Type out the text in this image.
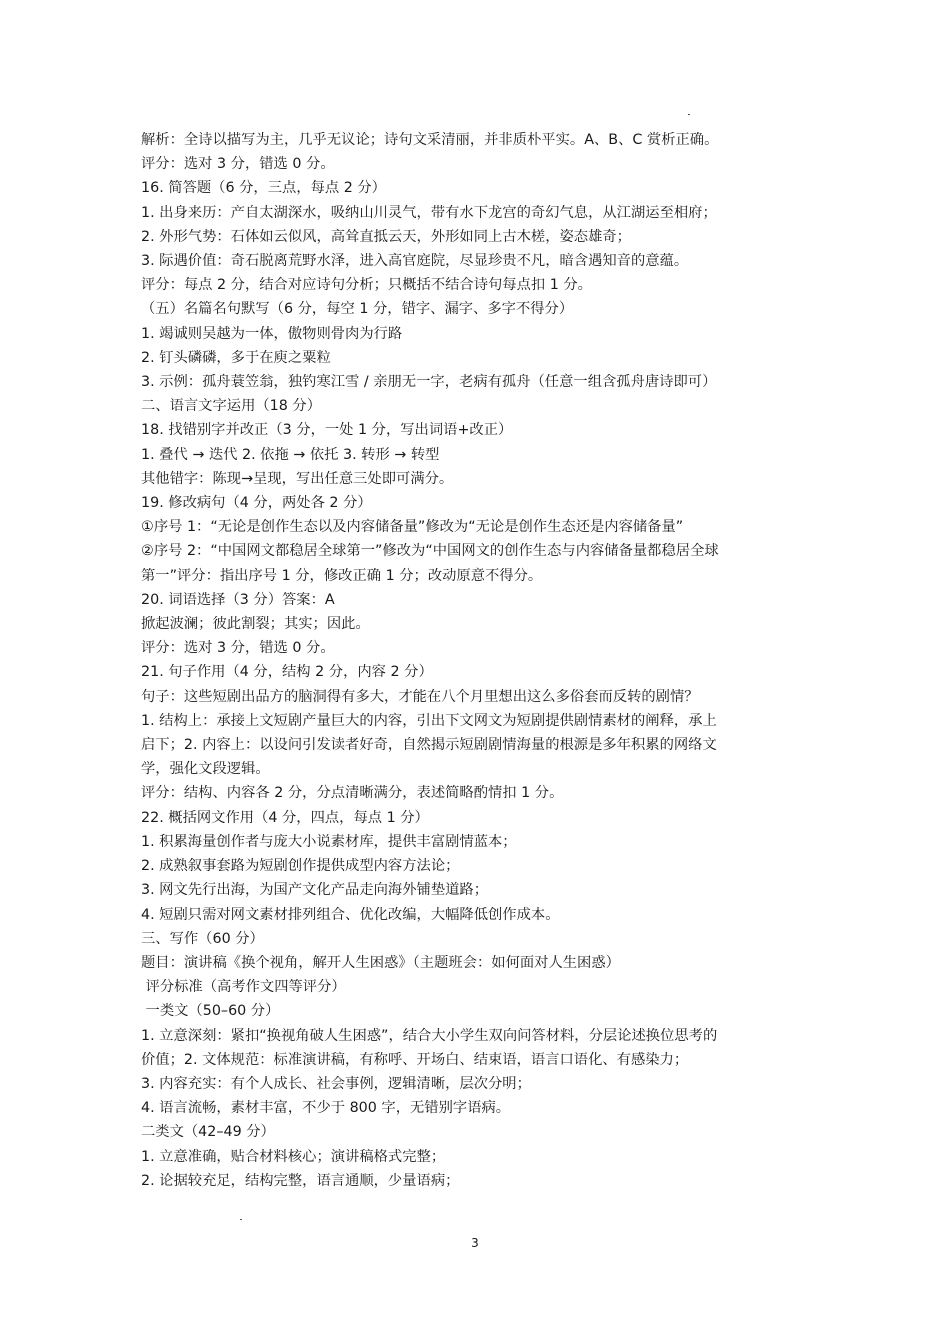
解析：全诗以描写为主，几乎无议论；诗句文采清丽，并非质朴平实。A、B、C 赏析正确。
评分：选对 3 分，错选 0 分。
16. 简答题（6 分，三点，每点 2 分）
1. 出身来历：产自太湖深水，吸纳山川灵气，带有水下龙宫的奇幻气息，从江湖运至相府；
2. 外形气势：石体如云似风，高耸直抵云天，外形如同上古木槎，姿态雄奇；
3. 际遇价值：奇石脱离荒野水泽，进入高官庭院，尽显珍贵不凡，暗含遇知音的意蕴。
评分：每点 2 分，结合对应诗句分析；只概括不结合诗句每点扣 1 分。
（五）名篇名句默写（6 分，每空 1 分，错字、漏字、多字不得分）
1. 竭诚则吴越为一体，傲物则骨肉为行路
2. 钉头磷磷，多于在庾之粟粒
3. 示例：孤舟蓑笠翁，独钓寒江雪 / 亲朋无一字，老病有孤舟（任意一组含孤舟唐诗即可）
二、语言文字运用（18 分）
18. 找错别字并改正（3 分，一处 1 分，写出词语+改正）
1. 叠代 → 迭代 2. 依拖 → 依托 3. 转形 → 转型
其他错字：陈现→呈现，写出任意三处即可满分。
19. 修改病句（4 分，两处各 2 分）
①序号 1：“无论是创作生态以及内容储备量”修改为“无论是创作生态还是内容储备量”
②序号 2：“中国网文都稳居全球第一”修改为“中国网文的创作生态与内容储备量都稳居全球
第一”评分：指出序号 1 分，修改正确 1 分；改动原意不得分。
20. 词语选择（3 分）答案：A
掀起波澜；彼此割裂；其实；因此。
评分：选对 3 分，错选 0 分。
21. 句子作用（4 分，结构 2 分，内容 2 分）
句子：这些短剧出品方的脑洞得有多大，才能在八个月里想出这么多俗套而反转的剧情？
1. 结构上：承接上文短剧产量巨大的内容，引出下文网文为短剧提供剧情素材的阐释，承上
启下；2. 内容上：以设问引发读者好奇，自然揭示短剧剧情海量的根源是多年积累的网络文
学，强化文段逻辑。
评分：结构、内容各 2 分，分点清晰满分，表述简略酌情扣 1 分。
22. 概括网文作用（4 分，四点，每点 1 分）
1. 积累海量创作者与庞大小说素材库，提供丰富剧情蓝本；
2. 成熟叙事套路为短剧创作提供成型内容方法论；
3. 网文先行出海，为国产文化产品走向海外铺垫道路；
4. 短剧只需对网文素材排列组合、优化改编，大幅降低创作成本。
三、写作（60 分）
题目：演讲稿《换个视角，解开人生困惑》（主题班会：如何面对人生困惑）
评分标准（高考作文四等评分）
一类文（50–60 分）
1. 立意深刻：紧扣“换视角破人生困惑”，结合大小学生双向问答材料，分层论述换位思考的
价值；2. 文体规范：标准演讲稿，有称呼、开场白、结束语，语言口语化、有感染力；
3. 内容充实：有个人成长、社会事例，逻辑清晰，层次分明；
4. 语言流畅，素材丰富，不少于 800 字，无错别字语病。
二类文（42–49 分）
1. 立意准确，贴合材料核心；演讲稿格式完整；
2. 论据较充足，结构完整，语言通顺，少量语病；
3
